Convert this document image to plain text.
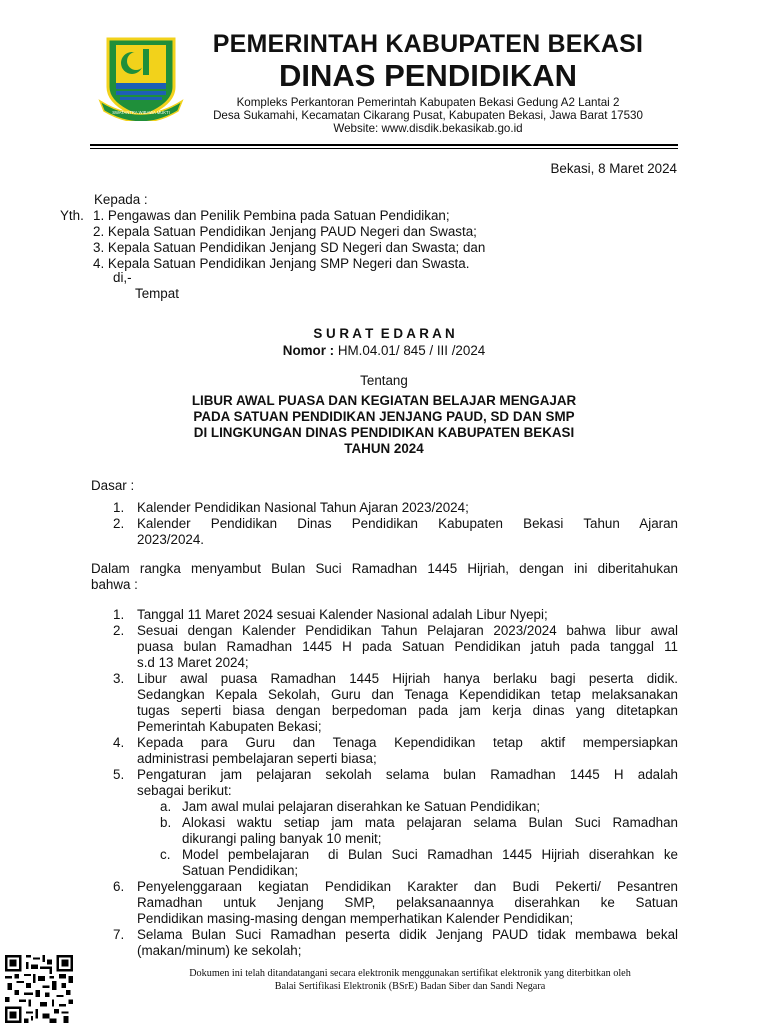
SWATANTRA WIBAWA MUKTI
PEMERINTAH KABUPATEN BEKASI
DINAS PENDIDIKAN
Kompleks Perkantoran Pemerintah Kabupaten Bekasi Gedung A2 Lantai 2
Desa Sukamahi, Kecamatan Cikarang Pusat, Kabupaten Bekasi, Jawa Barat 17530
Website: www.disdik.bekasikab.go.id
Bekasi, 8 Maret 2024
Kepada :
Yth. 1. Pengawas dan Penilik Pembina pada Satuan Pendidikan;
2. Kepala Satuan Pendidikan Jenjang PAUD Negeri dan Swasta;
3. Kepala Satuan Pendidikan Jenjang SD Negeri dan Swasta; dan
4. Kepala Satuan Pendidikan Jenjang SMP Negeri dan Swasta.
di,-
Tempat
S U R A T  E D A R A N
Nomor : HM.04.01/ 845 / III /2024
Tentang
LIBUR AWAL PUASA DAN KEGIATAN BELAJAR MENGAJAR
PADA SATUAN PENDIDIKAN JENJANG PAUD, SD DAN SMP
DI LINGKUNGAN DINAS PENDIDIKAN KABUPATEN BEKASI
TAHUN 2024
Dasar :
1. Kalender Pendidikan Nasional Tahun Ajaran 2023/2024;
2. Kalender Pendidikan Dinas Pendidikan Kabupaten Bekasi Tahun Ajaran
2023/2024.
Dalam rangka menyambut Bulan Suci Ramadhan 1445 Hijriah, dengan ini diberitahukan
bahwa :
1. Tanggal 11 Maret 2024 sesuai Kalender Nasional adalah Libur Nyepi;
2. Sesuai dengan Kalender Pendidikan Tahun Pelajaran 2023/2024 bahwa libur awal
puasa bulan Ramadhan 1445 H pada Satuan Pendidikan jatuh pada tanggal 11
s.d 13 Maret 2024;
3. Libur awal puasa Ramadhan 1445 Hijriah hanya berlaku bagi peserta didik.
Sedangkan Kepala Sekolah, Guru dan Tenaga Kependidikan tetap melaksanakan
tugas seperti biasa dengan berpedoman pada jam kerja dinas yang ditetapkan
Pemerintah Kabupaten Bekasi;
4. Kepada para Guru dan Tenaga Kependidikan tetap aktif mempersiapkan
administrasi pembelajaran seperti biasa;
5. Pengaturan jam pelajaran sekolah selama bulan Ramadhan 1445 H adalah
sebagai berikut:
a. Jam awal mulai pelajaran diserahkan ke Satuan Pendidikan;
b. Alokasi waktu setiap jam mata pelajaran selama Bulan Suci Ramadhan
dikurangi paling banyak 10 menit;
c. Model pembelajaran  di Bulan Suci Ramadhan 1445 Hijriah diserahkan ke
Satuan Pendidikan;
6. Penyelenggaraan kegiatan Pendidikan Karakter dan Budi Pekerti/ Pesantren
Ramadhan untuk Jenjang SMP, pelaksanaannya diserahkan ke Satuan
Pendidikan masing-masing dengan memperhatikan Kalender Pendidikan;
7. Selama Bulan Suci Ramadhan peserta didik Jenjang PAUD tidak membawa bekal
(makan/minum) ke sekolah;
Dokumen ini telah ditandatangani secara elektronik menggunakan sertifikat elektronik yang diterbitkan oleh
Balai Sertifikasi Elektronik (BSrE) Badan Siber dan Sandi Negara
